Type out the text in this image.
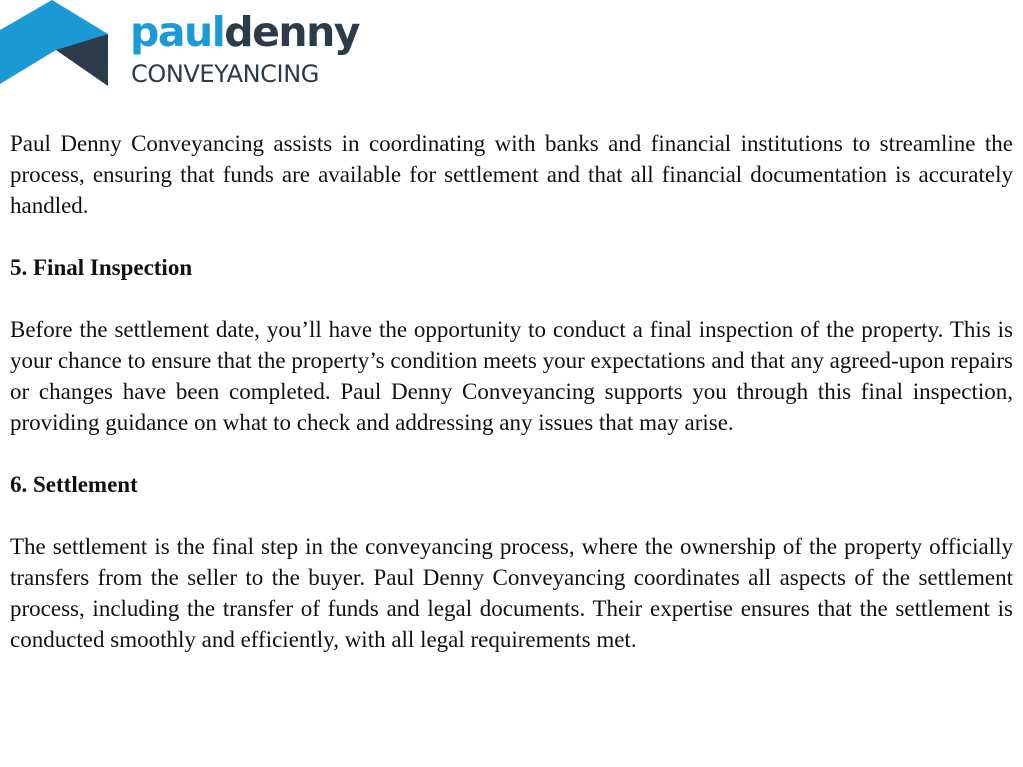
pauldenny
CONVEYANCING

Paul Denny Conveyancing assists in coordinating with banks and financial institutions to streamline the process, ensuring that funds are available for settlement and that all financial documentation is accurately handled.

5. Final Inspection

Before the settlement date, you’ll have the opportunity to conduct a final inspection of the property. This is your chance to ensure that the property’s condition meets your expectations and that any agreed-upon repairs or changes have been completed. Paul Denny Conveyancing supports you through this final inspection, providing guidance on what to check and addressing any issues that may arise.

6. Settlement

The settlement is the final step in the conveyancing process, where the ownership of the property officially transfers from the seller to the buyer. Paul Denny Conveyancing coordinates all aspects of the settlement process, including the transfer of funds and legal documents. Their expertise ensures that the settlement is conducted smoothly and efficiently, with all legal requirements met.
